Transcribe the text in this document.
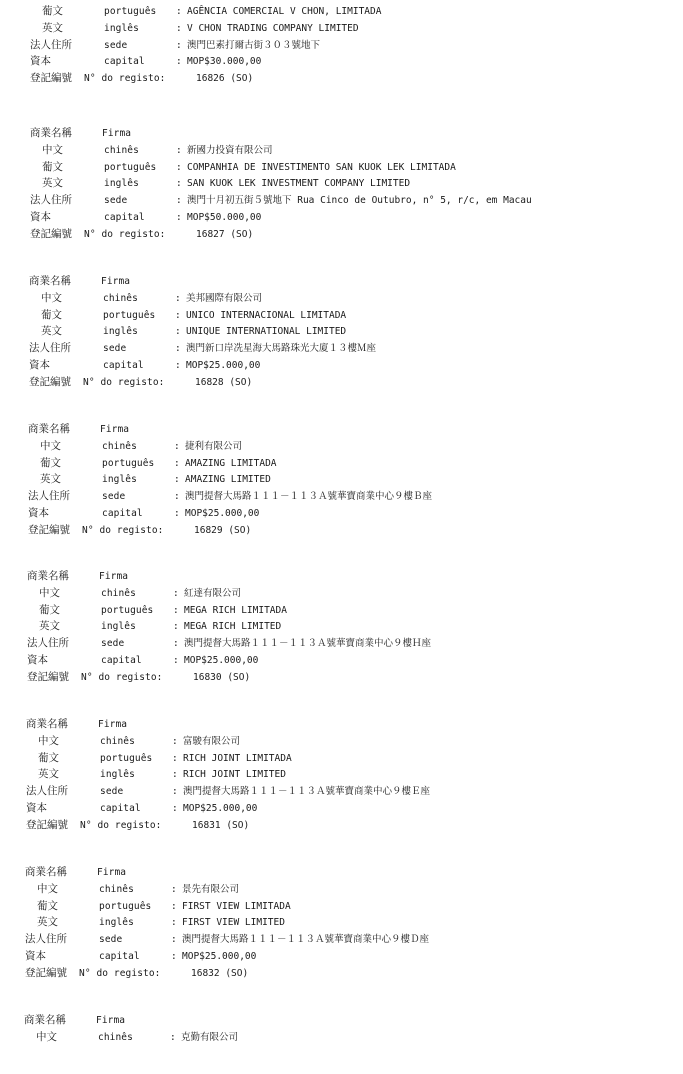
葡文	português : AGÊNCIA COMERCIAL V CHON, LIMITADA
英文	inglês	: V CHON TRADING COMPANY LIMITED
法人住所	sede	: 澳門巴素打爾古街３０３號地下
資本	capital	: MOP$30.000,00
登記編號 N° do registo:	16826 (SO)
商業名稱	Firma
中文	chinês	: 新國力投資有限公司
葡文	português : COMPANHIA DE INVESTIMENTO SAN KUOK LEK LIMITADA
英文	inglês	: SAN KUOK LEK INVESTMENT COMPANY LIMITED
法人住所	sede	: 澳門十月初五街５號地下 Rua Cinco de Outubro, n° 5, r/c, em Macau
資本	capital	: MOP$50.000,00
登記編號 N° do registo:	16827 (SO)
商業名稱	Firma
中文	chinês	: 美邦國際有限公司
葡文	português : UNICO INTERNACIONAL LIMITADA
英文	inglês	: UNIQUE INTERNATIONAL LIMITED
法人住所	sede	: 澳門新口岸冼星海大馬路珠光大廈１３樓Ｍ座
資本	capital	: MOP$25.000,00
登記編號 N° do registo:	16828 (SO)
商業名稱	Firma
中文	chinês	: 捷利有限公司
葡文	português : AMAZING LIMITADA
英文	inglês	: AMAZING LIMITED
法人住所	sede	: 澳門提督大馬路１１１－１１３Ａ號華寶商業中心９樓Ｂ座
資本	capital	: MOP$25.000,00
登記編號 N° do registo:	16829 (SO)
商業名稱	Firma
中文	chinês	: 紅達有限公司
葡文	português : MEGA RICH LIMITADA
英文	inglês	: MEGA RICH LIMITED
法人住所	sede	: 澳門提督大馬路１１１－１１３Ａ號華寶商業中心９樓Ｈ座
資本	capital	: MOP$25.000,00
登記編號 N° do registo:	16830 (SO)
商業名稱	Firma
中文	chinês	: 富駿有限公司
葡文	português : RICH JOINT LIMITADA
英文	inglês	: RICH JOINT LIMITED
法人住所	sede	: 澳門提督大馬路１１１－１１３Ａ號華寶商業中心９樓Ｅ座
資本	capital	: MOP$25.000,00
登記編號 N° do registo:	16831 (SO)
商業名稱	Firma
中文	chinês	: 景先有限公司
葡文	português : FIRST VIEW LIMITADA
英文	inglês	: FIRST VIEW LIMITED
法人住所	sede	: 澳門提督大馬路１１１－１１３Ａ號華寶商業中心９樓Ｄ座
資本	capital	: MOP$25.000,00
登記編號 N° do registo:	16832 (SO)
商業名稱	Firma
中文	chinês	: 克勤有限公司
